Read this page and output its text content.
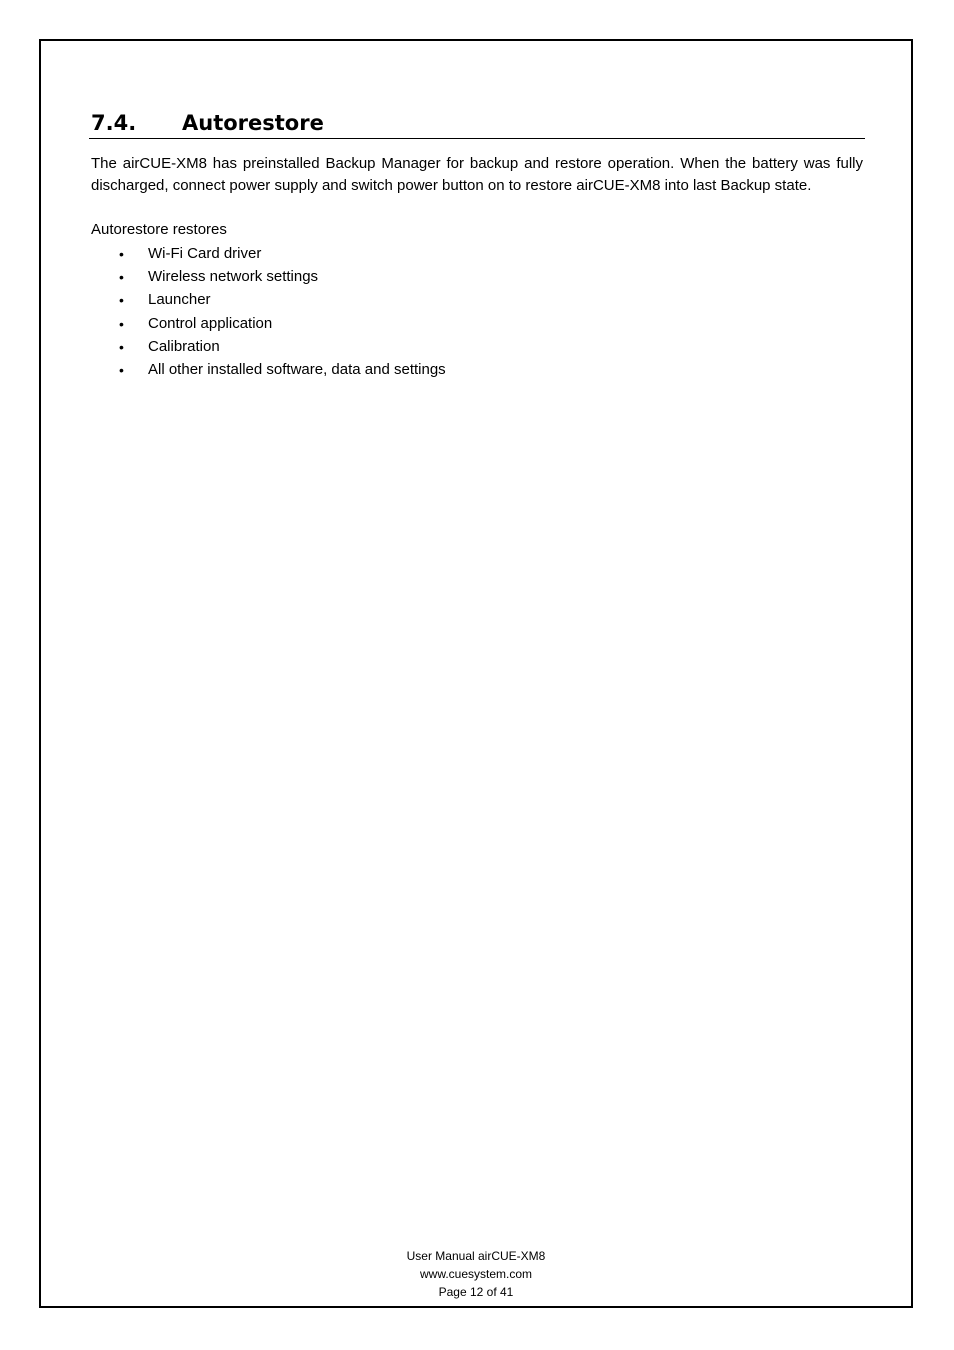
7.4. Autorestore

The airCUE-XM8 has preinstalled Backup Manager for backup and restore operation. When the battery was fully discharged, connect power supply and switch power button on to restore airCUE-XM8 into last Backup state.

Autorestore restores
• Wi-Fi Card driver
• Wireless network settings
• Launcher
• Control application
• Calibration
• All other installed software, data and settings
User Manual airCUE-XM8
www.cuesystem.com
Page 12 of 41
